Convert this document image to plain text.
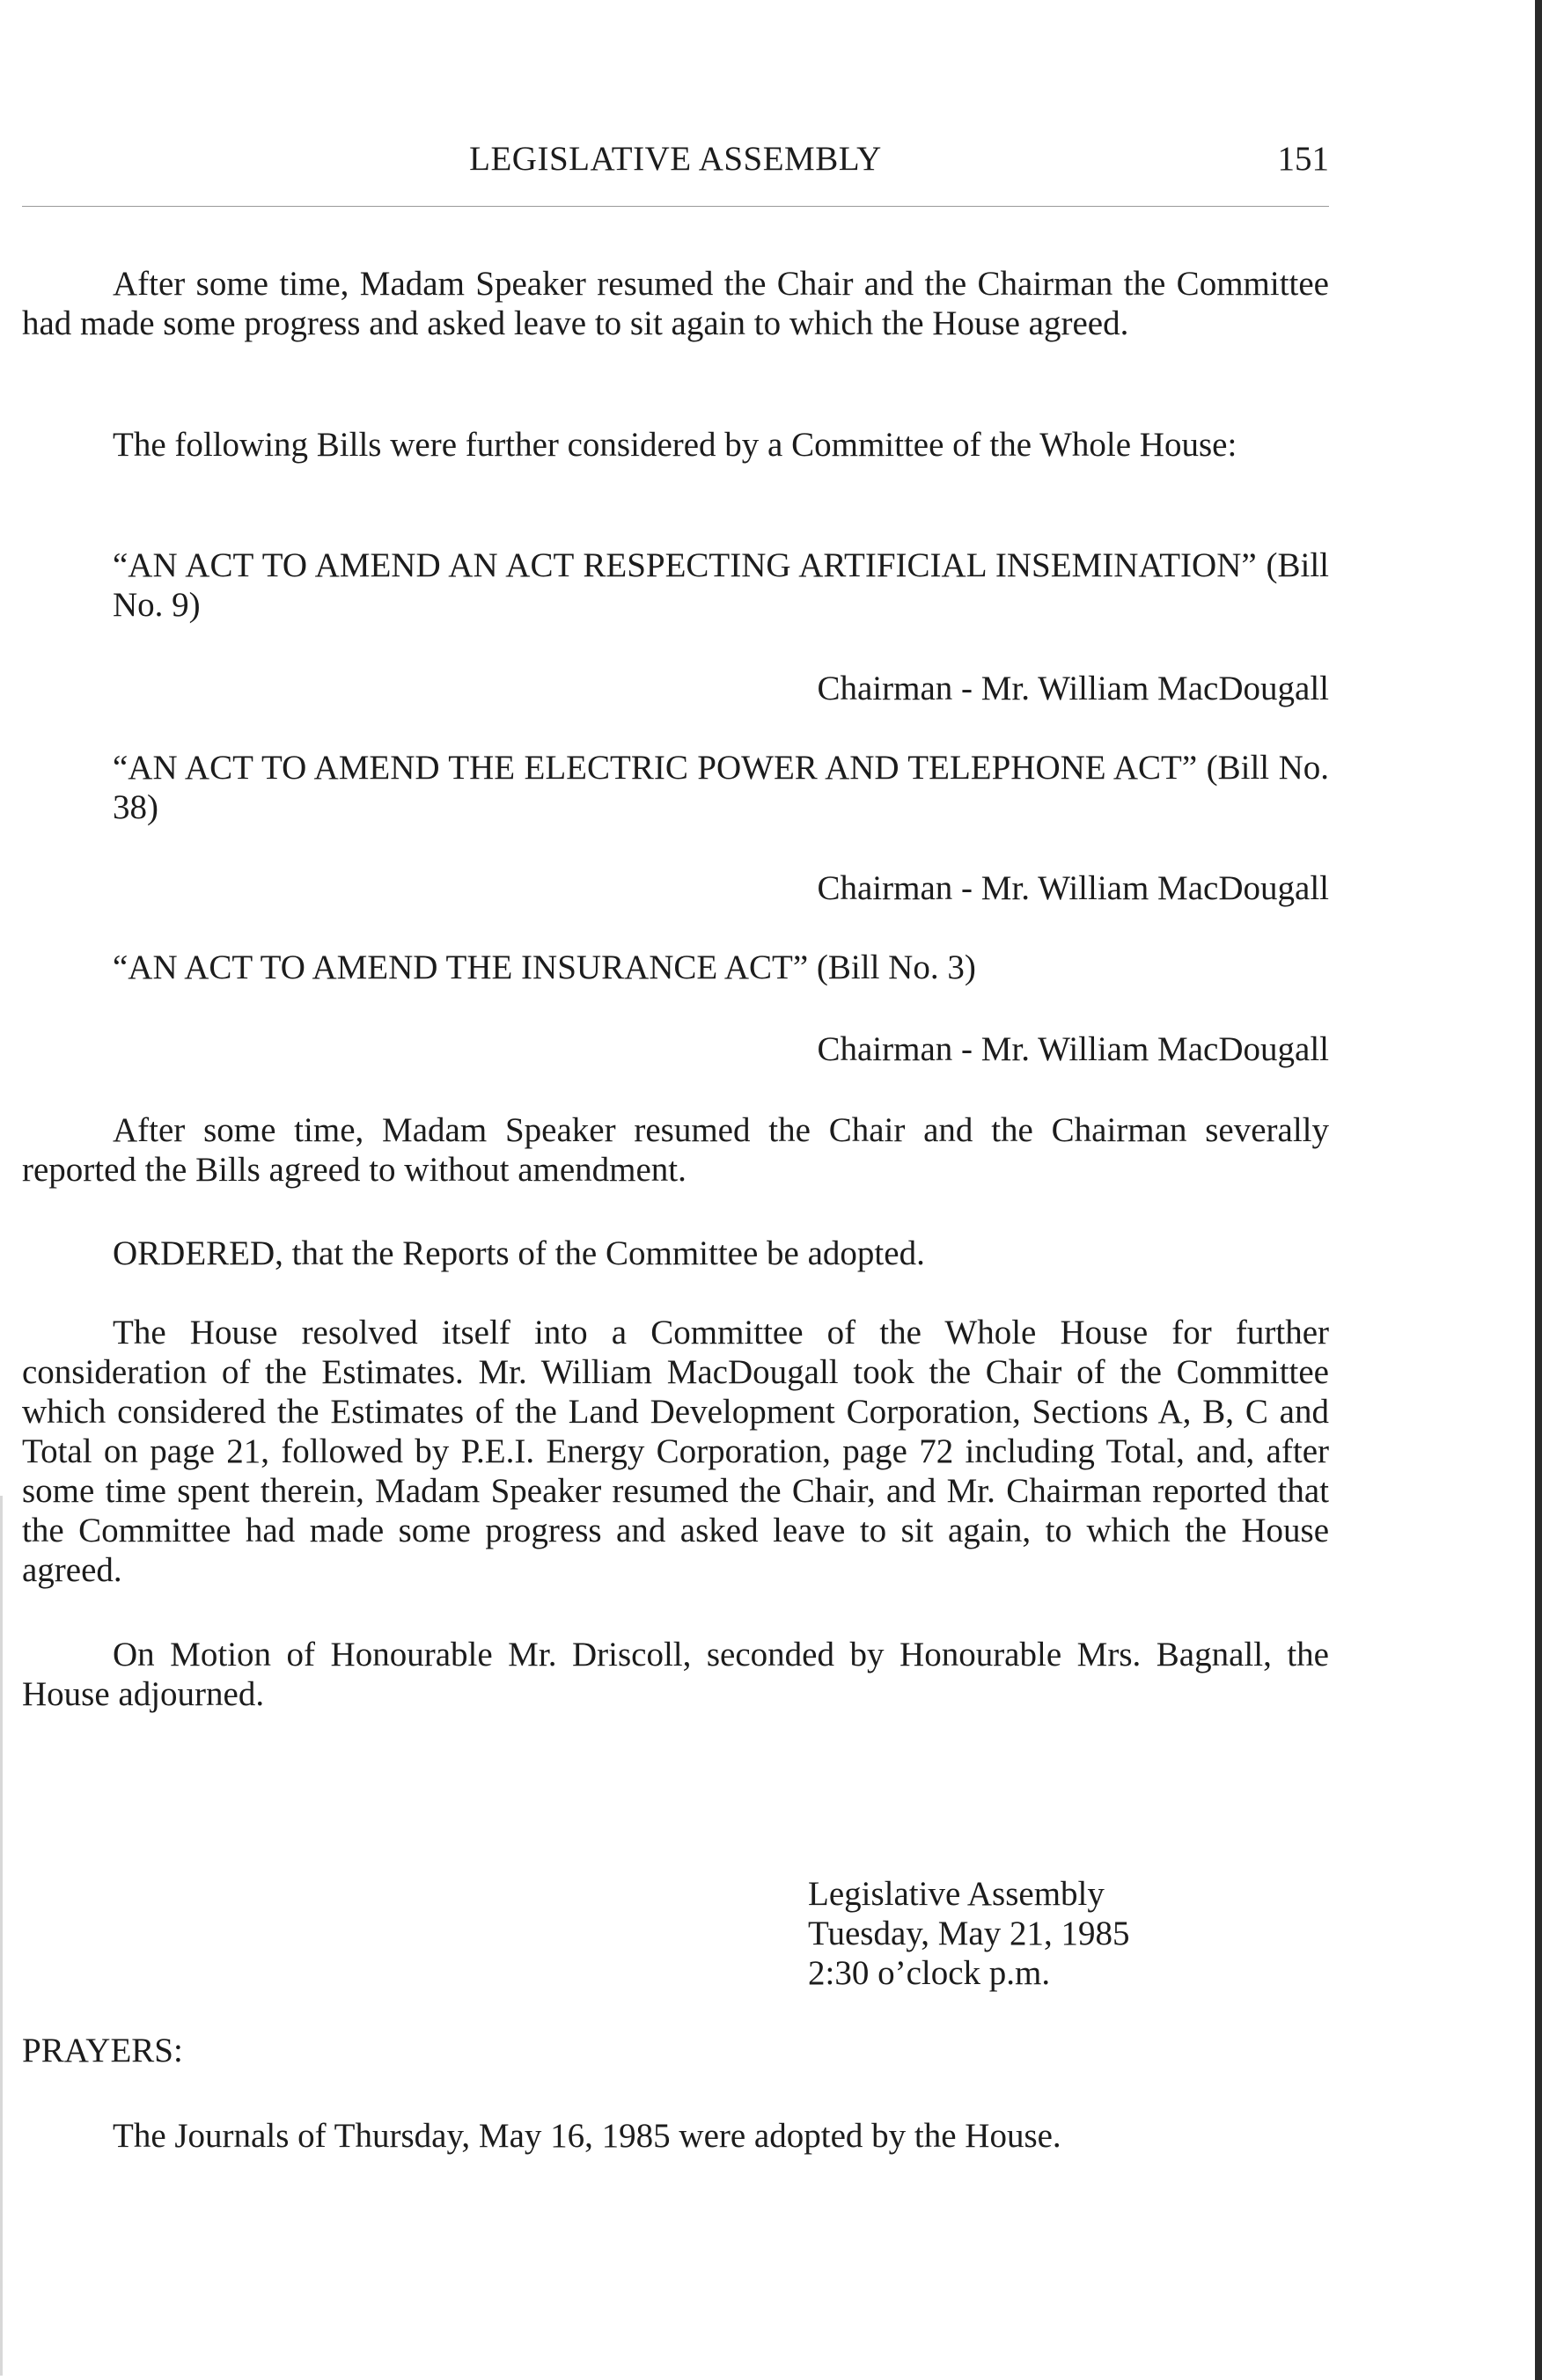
LEGISLATIVE ASSEMBLY	151

After some time, Madam Speaker resumed the Chair and the Chairman the Committee had made some progress and asked leave to sit again to which the House agreed.

The following Bills were further considered by a Committee of the Whole House:

“AN ACT TO AMEND AN ACT RESPECTING ARTIFICIAL INSEMINATION” (Bill No. 9)

Chairman - Mr. William MacDougall

“AN ACT TO AMEND THE ELECTRIC POWER AND TELEPHONE ACT” (Bill No. 38)

Chairman - Mr. William MacDougall

“AN ACT TO AMEND THE INSURANCE ACT” (Bill No. 3)

Chairman - Mr. William MacDougall

After some time, Madam Speaker resumed the Chair and the Chairman severally reported the Bills agreed to without amendment.

ORDERED, that the Reports of the Committee be adopted.

The House resolved itself into a Committee of the Whole House for further consideration of the Estimates. Mr. William MacDougall took the Chair of the Committee which considered the Estimates of the Land Development Corporation, Sections A, B, C and Total on page 21, followed by P.E.I. Energy Corporation, page 72 including Total, and, after some time spent therein, Madam Speaker resumed the Chair, and Mr. Chairman reported that the Committee had made some progress and asked leave to sit again, to which the House agreed.

On Motion of Honourable Mr. Driscoll, seconded by Honourable Mrs. Bagnall, the House adjourned.

Legislative Assembly
Tuesday, May 21, 1985
2:30 o’clock p.m.
PRAYERS:

The Journals of Thursday, May 16, 1985 were adopted by the House.
